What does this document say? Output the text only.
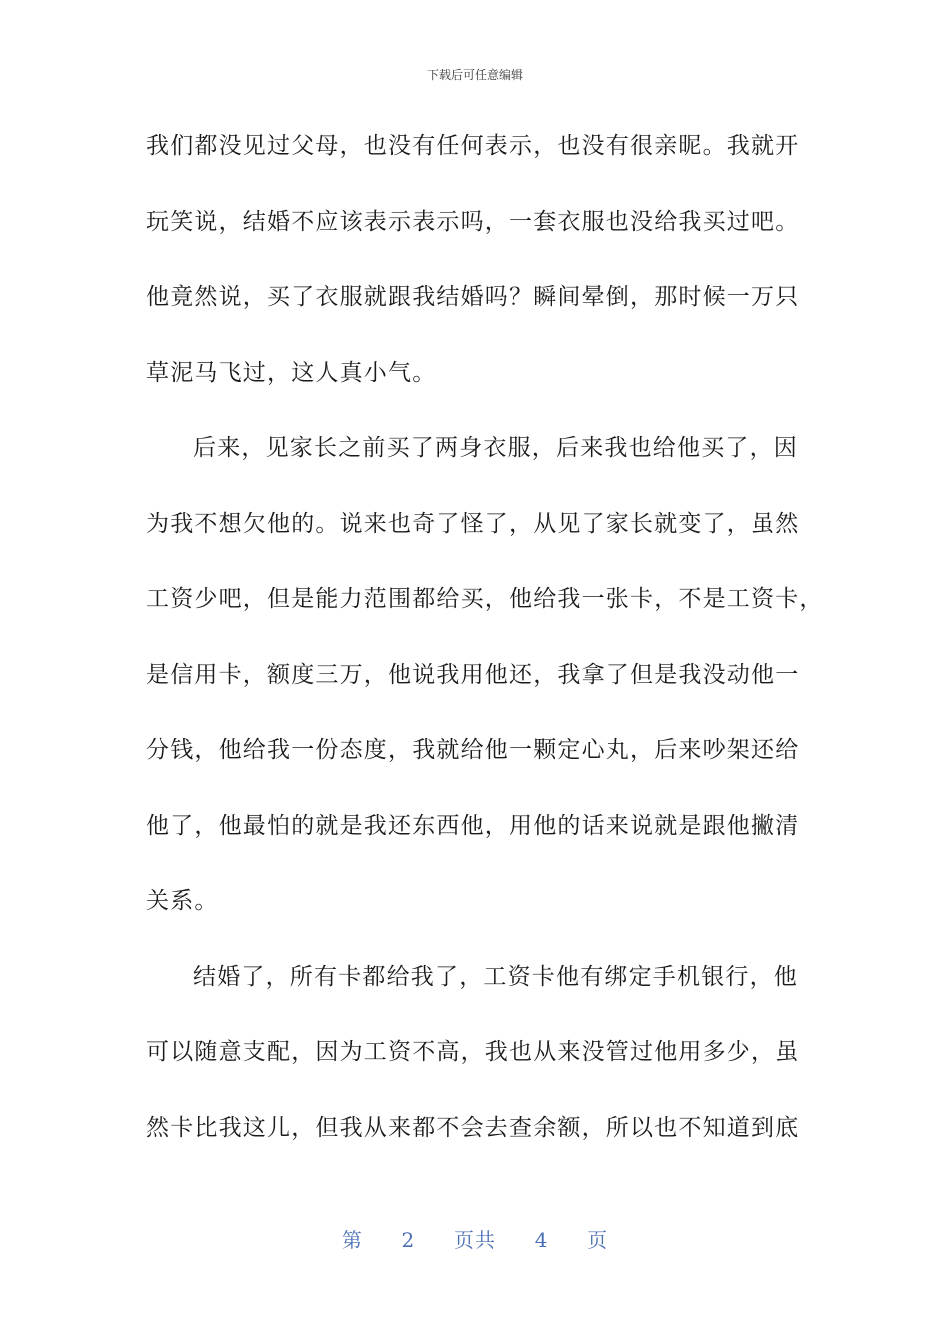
下载后可任意编辑
我们都没见过父母，也没有任何表示，也没有很亲昵。我就开
玩笑说，结婚不应该表示表示吗，一套衣服也没给我买过吧。
他竟然说，买了衣服就跟我结婚吗？瞬间晕倒，那时候一万只
草泥马飞过，这人真小气。
后来，见家长之前买了两身衣服，后来我也给他买了，因
为我不想欠他的。说来也奇了怪了，从见了家长就变了，虽然
工资少吧，但是能力范围都给买，他给我一张卡，不是工资卡，
是信用卡，额度三万，他说我用他还，我拿了但是我没动他一
分钱，他给我一份态度，我就给他一颗定心丸，后来吵架还给
他了，他最怕的就是我还东西他，用他的话来说就是跟他撇清
关系。
结婚了，所有卡都给我了，工资卡他有绑定手机银行，他
可以随意支配，因为工资不高，我也从来没管过他用多少，虽
然卡比我这儿，但我从来都不会去查余额，所以也不知道到底
第 2 页共 4 页
